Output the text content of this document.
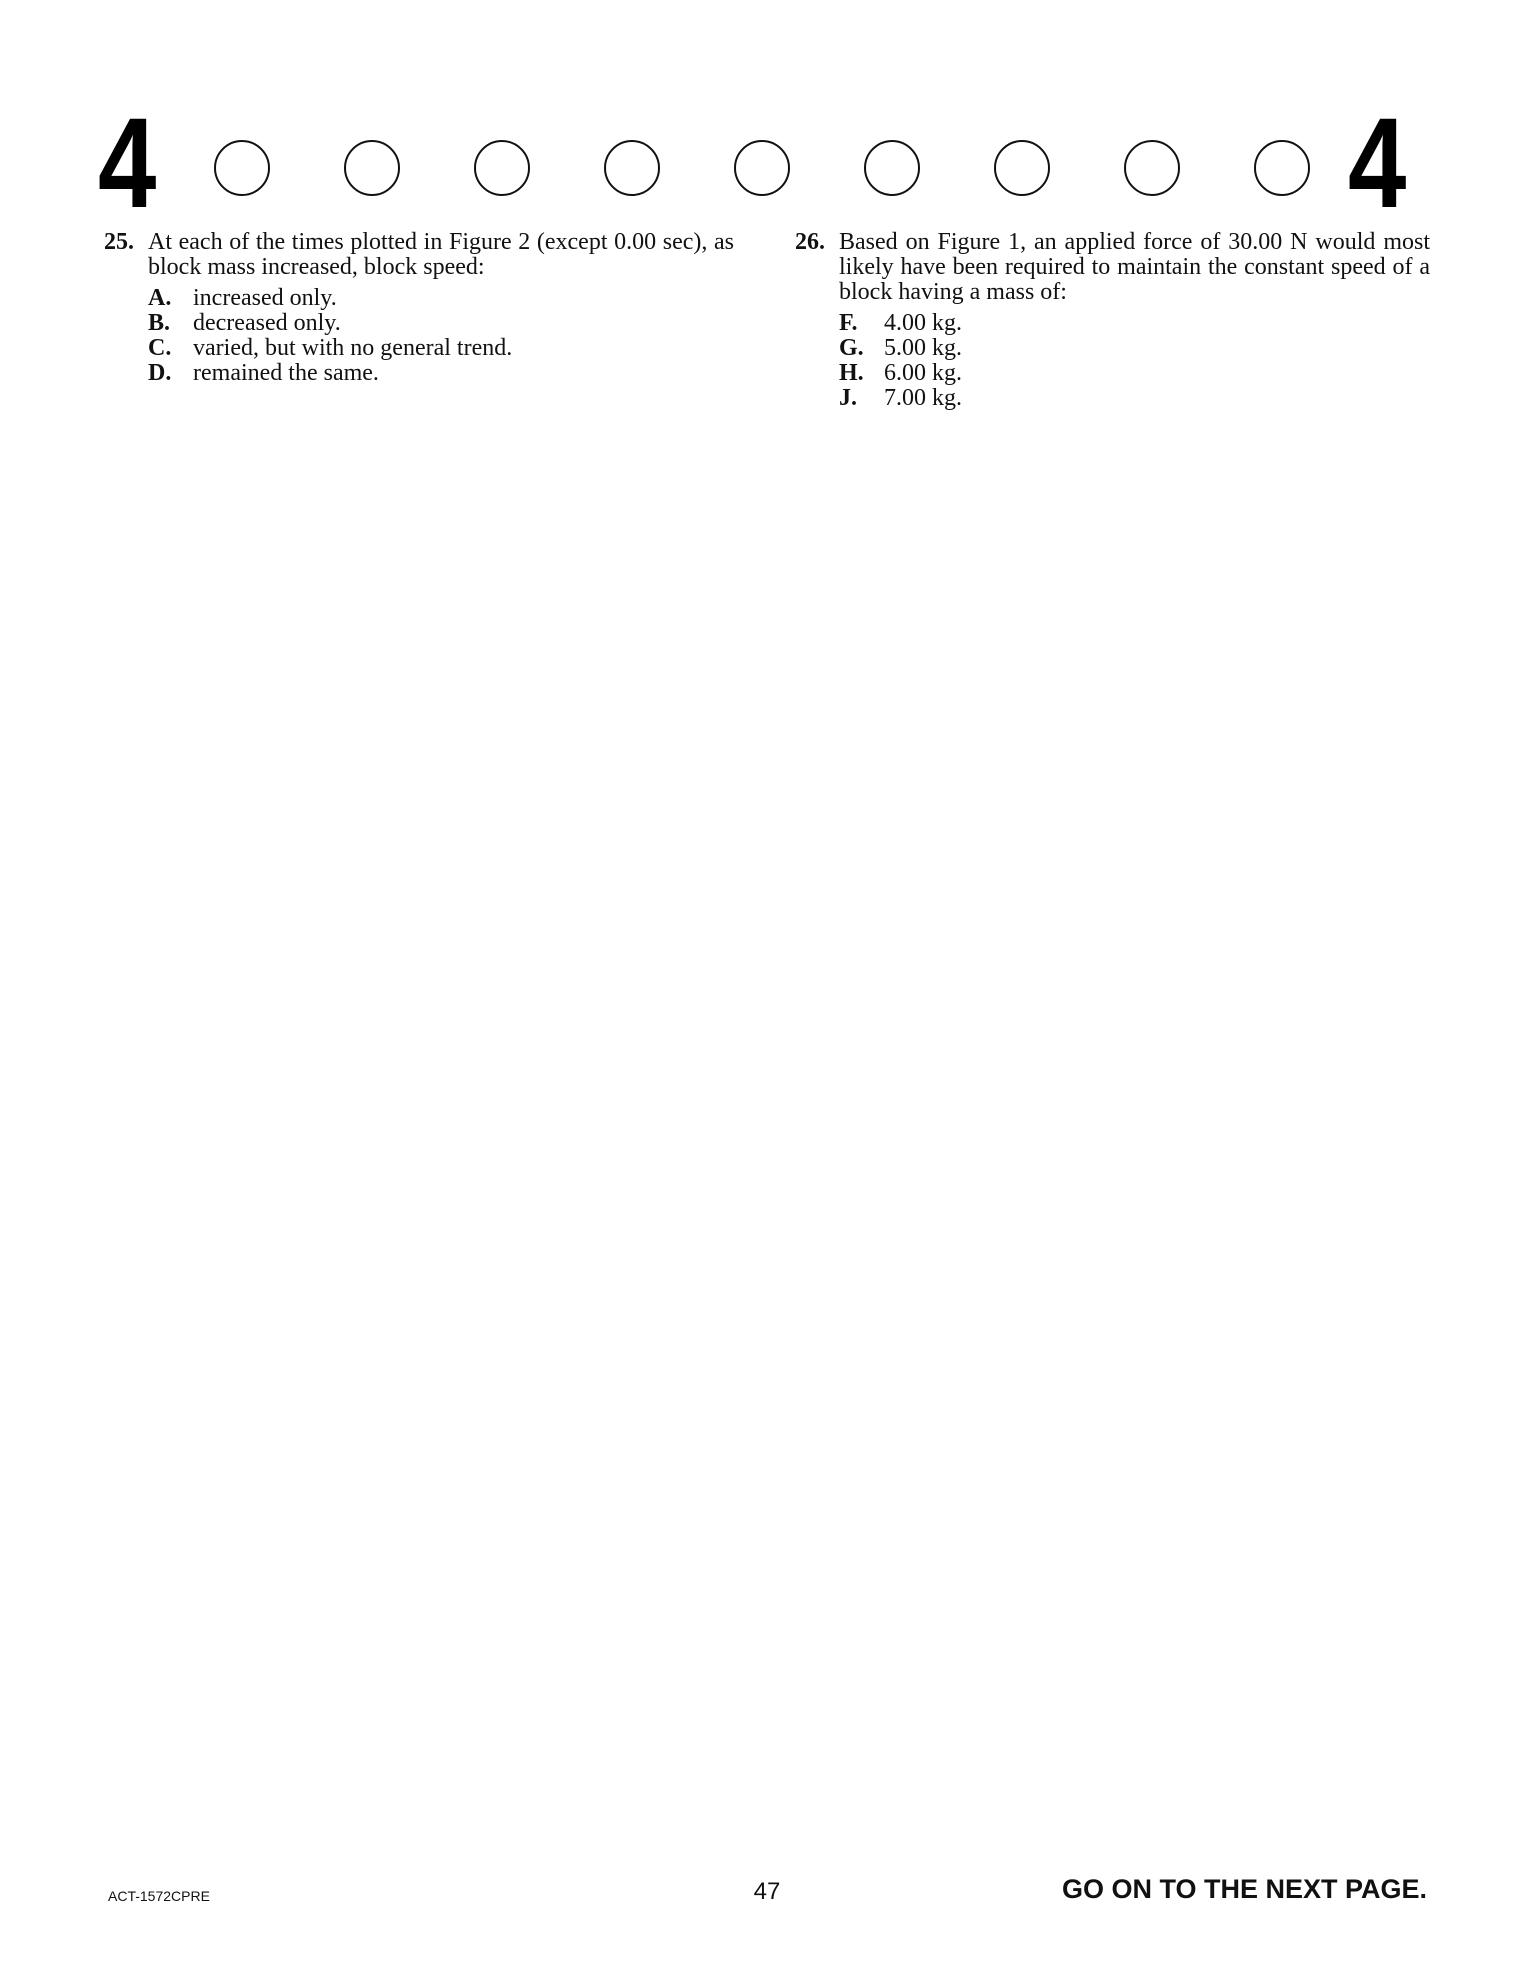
4	4
25. At each of the times plotted in Figure 2 (except 0.00 sec), as block mass increased, block speed:
A. increased only.
B. decreased only.
C. varied, but with no general trend.
D. remained the same.
26. Based on Figure 1, an applied force of 30.00 N would most likely have been required to maintain the constant speed of a block having a mass of:
F.	4.00 kg.
G. 5.00 kg.
H. 6.00 kg.
J.	7.00 kg.
ACT-1572CPRE	47	GO ON TO THE NEXT PAGE.
